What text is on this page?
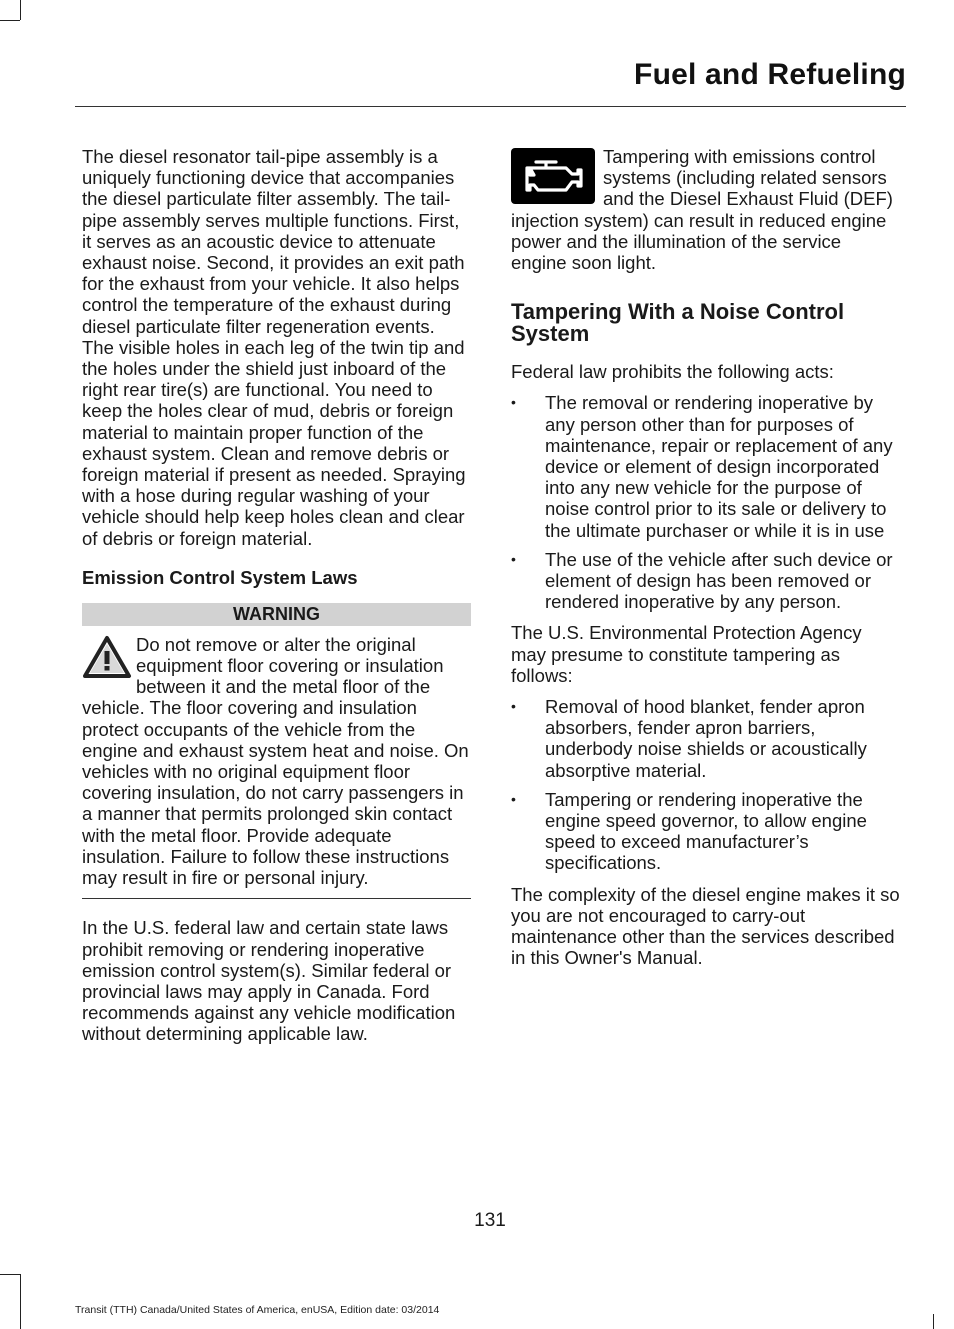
Fuel and Refueling

The diesel resonator tail-pipe assembly is a uniquely functioning device that accompanies the diesel particulate filter assembly. The tail-pipe assembly serves multiple functions. First, it serves as an acoustic device to attenuate exhaust noise. Second, it provides an exit path for the exhaust from your vehicle. It also helps control the temperature of the exhaust during diesel particulate filter regeneration events. The visible holes in each leg of the twin tip and the holes under the shield just inboard of the right rear tire(s) are functional. You need to keep the holes clear of mud, debris or foreign material to maintain proper function of the exhaust system. Clean and remove debris or foreign material if present as needed. Spraying with a hose during regular washing of your vehicle should help keep holes clean and clear of debris or foreign material.

Emission Control System Laws
WARNING

Do not remove or alter the original equipment floor covering or insulation between it and the metal floor of the vehicle. The floor covering and insulation protect occupants of the vehicle from the engine and exhaust system heat and noise. On vehicles with no original equipment floor covering insulation, do not carry passengers in a manner that permits prolonged skin contact with the metal floor. Provide adequate insulation. Failure to follow these instructions may result in fire or personal injury.

In the U.S. federal law and certain state laws prohibit removing or rendering inoperative emission control system(s). Similar federal or provincial laws may apply in Canada. Ford recommends against any vehicle modification without determining applicable law.

Tampering with emissions control systems (including related sensors and the Diesel Exhaust Fluid (DEF) injection system) can result in reduced engine power and the illumination of the service engine soon light.

Tampering With a Noise Control System

Federal law prohibits the following acts:

• The removal or rendering inoperative by any person other than for purposes of maintenance, repair or replacement of any device or element of design incorporated into any new vehicle for the purpose of noise control prior to its sale or delivery to the ultimate purchaser or while it is in use
• The use of the vehicle after such device or element of design has been removed or rendered inoperative by any person.

The U.S. Environmental Protection Agency may presume to constitute tampering as follows:

• Removal of hood blanket, fender apron absorbers, fender apron barriers, underbody noise shields or acoustically absorptive material.
• Tampering or rendering inoperative the engine speed governor, to allow engine speed to exceed manufacturer’s specifications.

The complexity of the diesel engine makes it so you are not encouraged to carry-out maintenance other than the services described in this Owner's Manual.

131
Transit (TTH) Canada/United States of America, enUSA, Edition date: 03/2014
